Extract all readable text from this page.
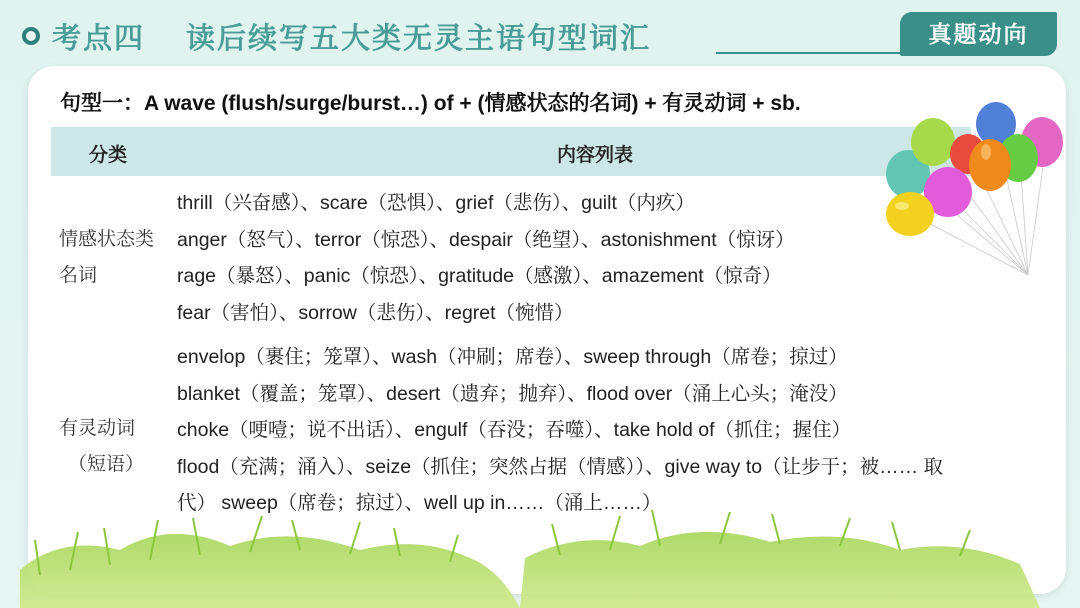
考点四 读后续写五大类无灵主语句型词汇	真题动向
句型一：A wave (flush/surge/burst…) of + (情感状态的名词) + 有灵动词 + sb.
分类	内容列表
情感状态类
名词
thrill（兴奋感）、scare（恐惧）、grief（悲伤）、guilt（内疚）
anger（怒气）、terror（惊恐）、despair（绝望）、astonishment（惊讶）
rage（暴怒）、panic（惊恐）、gratitude（感激）、amazement（惊奇）
fear（害怕）、sorrow（悲伤）、regret（惋惜）
有灵动词
（短语）
envelop（裹住；笼罩）、wash（冲刷；席卷）、sweep through（席卷；掠过）
blanket（覆盖；笼罩）、desert（遗弃；抛弃）、flood over（涌上心头；淹没）
choke（哽噎；说不出话）、engulf（吞没；吞噬）、take hold of（抓住；握住）
flood（充满；涌入）、seize（抓住；突然占据（情感））、give way to（让步于；被…… 取
代） sweep（席卷；掠过）、well up in……（涌上……）
